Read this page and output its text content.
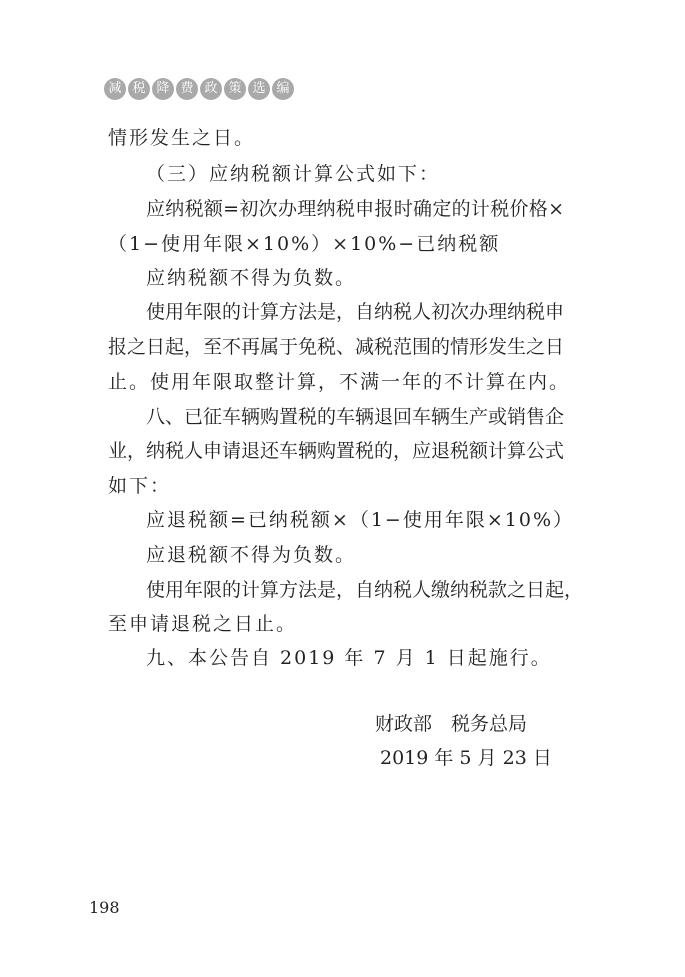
减 税 降 费 政 策 选 编
情形发生之日。
（三）应纳税额计算公式如下：
应纳税额=初次办理纳税申报时确定的计税价格×
（1−使用年限×10%）×10%−已纳税额
应纳税额不得为负数。
使用年限的计算方法是，自纳税人初次办理纳税申
报之日起，至不再属于免税、减税范围的情形发生之日
止。使用年限取整计算，不满一年的不计算在内。
八、已征车辆购置税的车辆退回车辆生产或销售企
业，纳税人申请退还车辆购置税的，应退税额计算公式
如下：
应退税额=已纳税额×（1−使用年限×10%）
应退税额不得为负数。
使用年限的计算方法是，自纳税人缴纳税款之日起，
至申请退税之日止。
九、本公告自 2019 年 7 月 1 日起施行。
财政部　税务总局
2019 年 5 月 23 日
198
